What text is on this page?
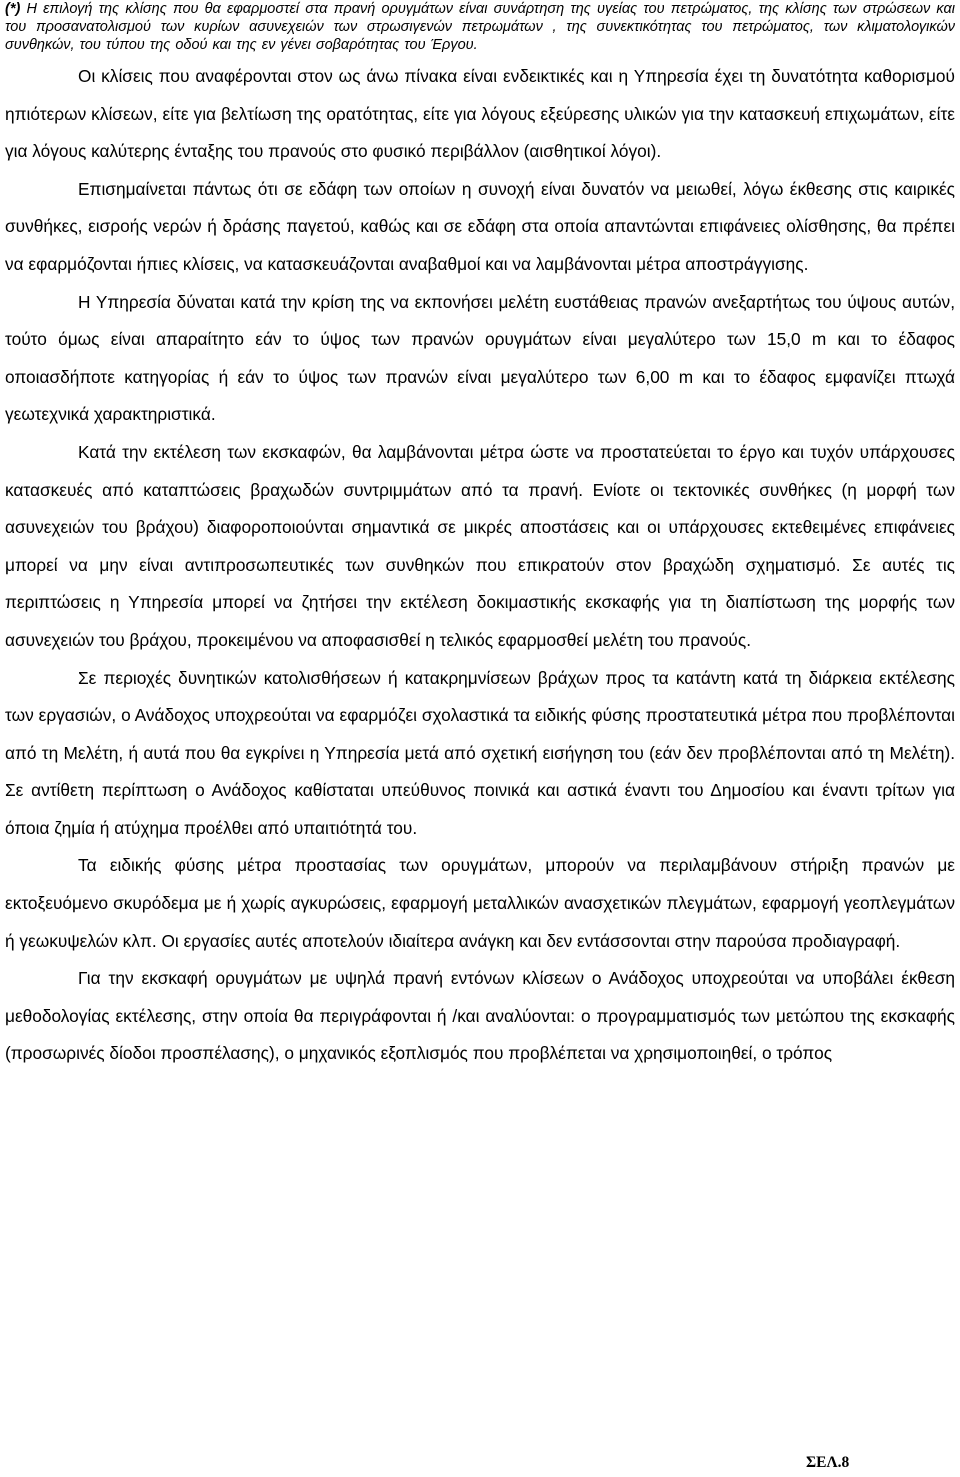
(*) Η επιλογή της κλίσης που θα εφαρμοστεί στα πρανή ορυγμάτων είναι συνάρτηση της υγείας του πετρώματος, της κλίσης των στρώσεων και του προσανατολισμού των κυρίων ασυνεχειών των στρωσιγενών πετρωμάτων , της συνεκτικότητας του πετρώματος, των κλιματολογικών συνθηκών, του τύπου της οδού και της εν γένει σοβαρότητας του Έργου.

Οι κλίσεις που αναφέρονται στον ως άνω πίνακα είναι ενδεικτικές και η Υπηρεσία έχει τη δυνατότητα καθορισμού ηπιότερων κλίσεων, είτε για βελτίωση της ορατότητας, είτε για λόγους εξεύρεσης υλικών για την κατασκευή επιχωμάτων, είτε για λόγους καλύτερης ένταξης του πρανούς στο φυσικό περιβάλλον (αισθητικοί λόγοι).

Επισημαίνεται πάντως ότι σε εδάφη των οποίων η συνοχή είναι δυνατόν να μειωθεί, λόγω έκθεσης στις καιρικές συνθήκες, εισροής νερών ή δράσης παγετού, καθώς και σε εδάφη στα οποία απαντώνται επιφάνειες ολίσθησης, θα πρέπει να εφαρμόζονται ήπιες κλίσεις, να κατασκευάζονται αναβαθμοί και να λαμβάνονται μέτρα αποστράγγισης.

Η Υπηρεσία δύναται κατά την κρίση της να εκπονήσει μελέτη ευστάθειας πρανών ανεξαρτήτως του ύψους αυτών, τούτο όμως είναι απαραίτητο εάν το ύψος των πρανών ορυγμάτων είναι μεγαλύτερο των 15,0 m και το έδαφος οποιασδήποτε κατηγορίας ή εάν το ύψος των πρανών είναι μεγαλύτερο των 6,00 m και το έδαφος εμφανίζει πτωχά γεωτεχνικά χαρακτηριστικά.

Κατά την εκτέλεση των εκσκαφών, θα λαμβάνονται μέτρα ώστε να προστατεύεται το έργο και τυχόν υπάρχουσες κατασκευές από καταπτώσεις βραχωδών συντριμμάτων από τα πρανή. Ενίοτε οι τεκτονικές συνθήκες (η μορφή των ασυνεχειών του βράχου) διαφοροποιούνται σημαντικά σε μικρές αποστάσεις και οι υπάρχουσες εκτεθειμένες επιφάνειες μπορεί να μην είναι αντιπροσωπευτικές των συνθηκών που επικρατούν στον βραχώδη σχηματισμό. Σε αυτές τις περιπτώσεις η Υπηρεσία μπορεί να ζητήσει την εκτέλεση δοκιμαστικής εκσκαφής για τη διαπίστωση της μορφής των ασυνεχειών του βράχου, προκειμένου να αποφασισθεί η τελικός εφαρμοσθεί μελέτη του πρανούς.

Σε περιοχές δυνητικών κατολισθήσεων ή κατακρημνίσεων βράχων προς τα κατάντη κατά τη διάρκεια εκτέλεσης των εργασιών, ο Ανάδοχος υποχρεούται να εφαρμόζει σχολαστικά τα ειδικής φύσης προστατευτικά μέτρα που προβλέπονται από τη Μελέτη, ή αυτά που θα εγκρίνει η Υπηρεσία μετά από σχετική εισήγηση του (εάν δεν προβλέπονται από τη Μελέτη). Σε αντίθετη περίπτωση ο Ανάδοχος καθίσταται υπεύθυνος ποινικά και αστικά έναντι του Δημοσίου και έναντι τρίτων για όποια ζημία ή ατύχημα προέλθει από υπαιτιότητά του.

Τα ειδικής φύσης μέτρα προστασίας των ορυγμάτων, μπορούν να περιλαμβάνουν στήριξη πρανών με εκτοξευόμενο σκυρόδεμα με ή χωρίς αγκυρώσεις, εφαρμογή μεταλλικών ανασχετικών πλεγμάτων, εφαρμογή γεοπλεγμάτων ή γεωκυψελών κλπ. Οι εργασίες αυτές αποτελούν ιδιαίτερα ανάγκη και δεν εντάσσονται στην παρούσα προδιαγραφή.

Για την εκσκαφή ορυγμάτων με υψηλά πρανή εντόνων κλίσεων ο Ανάδοχος υποχρεούται να υποβάλει έκθεση μεθοδολογίας εκτέλεσης, στην οποία θα περιγράφονται ή /και αναλύονται: ο προγραμματισμός των μετώπου της εκσκαφής (προσωρινές δίοδοι προσπέλασης), ο μηχανικός εξοπλισμός που προβλέπεται να χρησιμοποιηθεί, ο τρόπος

ΣΕΛ.8
